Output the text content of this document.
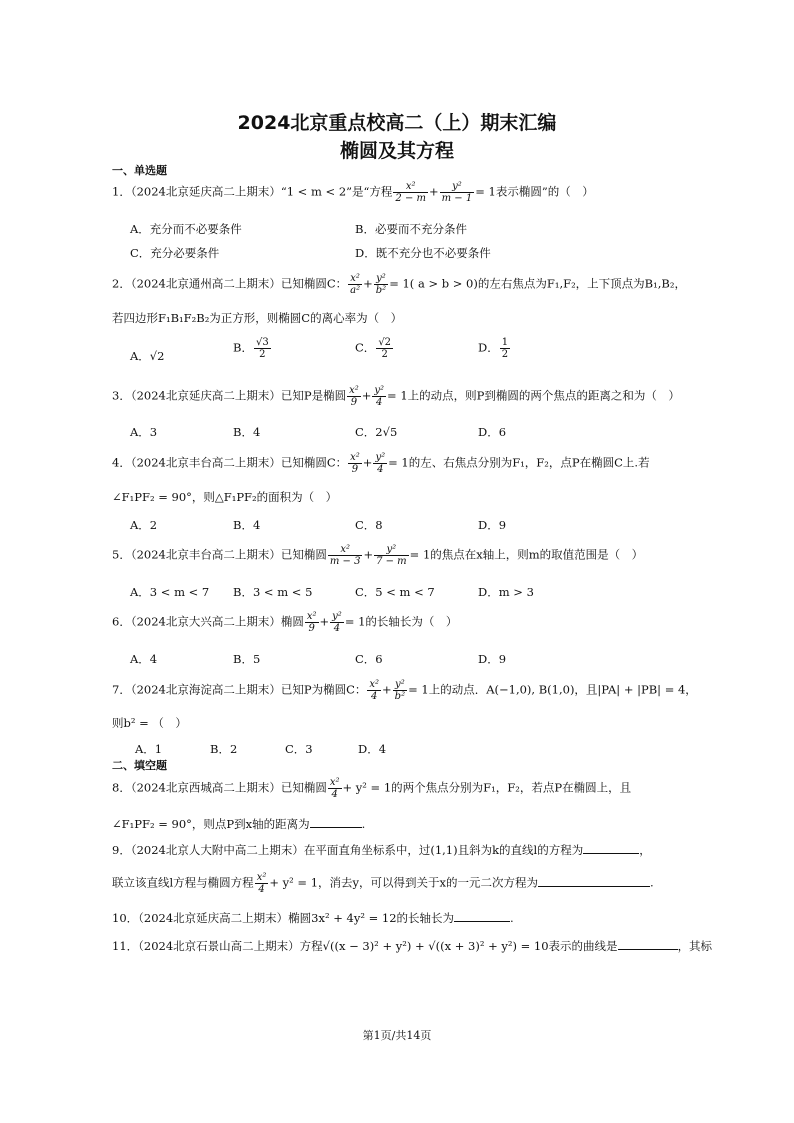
2024北京重点校高二（上）期末汇编
椭圆及其方程
一、单选题
1．（2024北京延庆高二上期末）“1 < m < 2”是“方程 $\frac{\text{x²}}{2 - m} + \frac{\text{y²}}{m - 1} = 1$表示椭圆”的（　）
A．充分而不必要条件	B．必要而不充分条件
C．充分必要条件	D．既不充分也不必要条件
2．（2024北京通州高二上期末）已知椭圆C： $\frac{\text{x²}}{\text{a²}} + \frac{\text{y²}}{\text{b²}} = 1$( a > b > 0)的左右焦点为F₁,F₂，上下顶点为B₁,B₂，
若四边形F₁B₁F₂B₂为正方形，则椭圆C的离心率为（　）
A．√2
B． $\frac{√3}{2}$	C． $\frac{√2}{2}$	D． $\frac{1}{2}$
3．（2024北京延庆高二上期末）已知P是椭圆 $\frac{\text{x²}}{9} + \frac{\text{y²}}{4} = 1$上的动点，则P到椭圆的两个焦点的距离之和为（　）
A．3	B．4	C．2√5	D．6
4．（2024北京丰台高二上期末）已知椭圆C： $\frac{\text{x²}}{9} + \frac{\text{y²}}{4} = 1$的左、右焦点分别为F₁，F₂，点P在椭圆C上.若
∠F₁PF₂ = 90°，则△F₁PF₂的面积为（　）
A．2	B．4	C．8	D．9
5．（2024北京丰台高二上期末）已知椭圆 $\frac{\text{x²}}{m - 3} + \frac{\text{y²}}{7 - m} = 1$的焦点在x轴上，则m的取值范围是（　）
A．3 < m < 7 B．3 < m < 5	C．5 < m < 7	D．m > 3
6．（2024北京大兴高二上期末）椭圆 $\frac{\text{x²}}{9} + \frac{\text{y²}}{4} = 1$的长轴长为（　）
A．4	B．5	C．6	D．9
7．（2024北京海淀高二上期末）已知P为椭圆C： $\frac{\text{x²}}{4} + \frac{\text{y²}}{\text{b²}} = 1$上的动点．A(−1,0), B(1,0)，且|PA| + |PB| = 4，
则b² = （　）
A．1	B．2	C．3	D．4
二、填空题
8．（2024北京西城高二上期末）已知椭圆 $\frac{\text{x²}}{4} + y^2 = 1$的两个焦点分别为F₁，F₂，若点P在椭圆上，且
∠F₁PF₂ = 90°，则点P到x轴的距离为	.
9．（2024北京人大附中高二上期末）在平面直角坐标系中，过(1,1)且斜为k的直线l的方程为	，
联立该直线l方程与椭圆方程 $\frac{\text{x²}}{4} + y^2 = 1$，消去y，可以得到关于x的一元二次方程为	.
10．（2024北京延庆高二上期末）椭圆3x² + 4y² = 12的长轴长为	.
11．（2024北京石景山高二上期末）方程√((x − 3)² + y²) + √((x + 3)² + y²) = 10表示的曲线是	，其标
第1页/共14页
